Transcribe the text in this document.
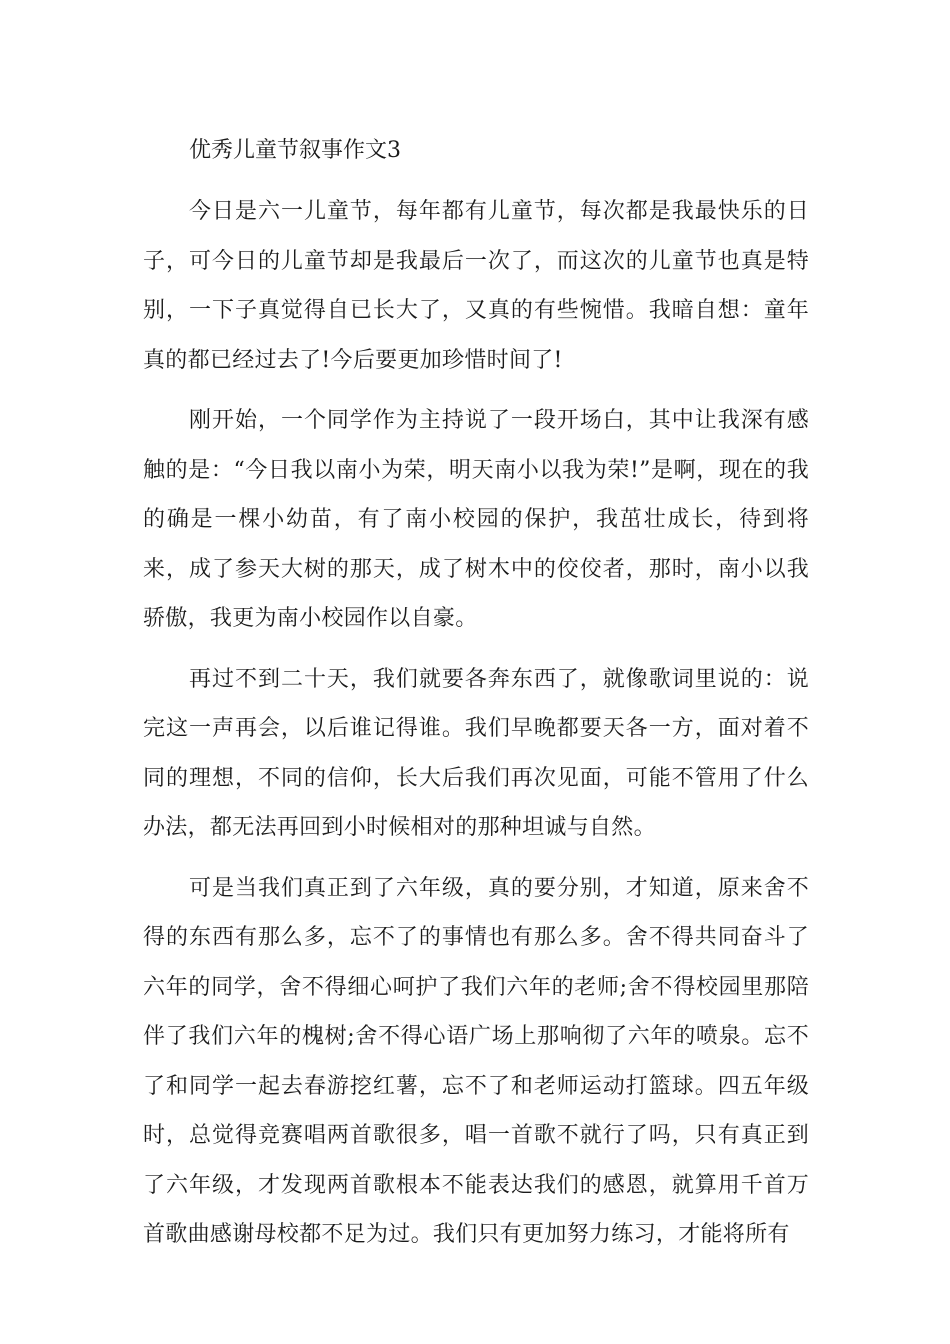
优秀儿童节叙事作文3

今日是六一儿童节，每年都有儿童节，每次都是我最快乐的日子，可今日的儿童节却是我最后一次了，而这次的儿童节也真是特别，一下子真觉得自已长大了，又真的有些惋惜。我暗自想：童年真的都已经过去了!今后要更加珍惜时间了!

刚开始，一个同学作为主持说了一段开场白，其中让我深有感触的是：“今日我以南小为荣，明天南小以我为荣!”是啊，现在的我的确是一棵小幼苗，有了南小校园的保护，我茁壮成长，待到将来，成了参天大树的那天，成了树木中的佼佼者，那时，南小以我骄傲，我更为南小校园作以自豪。

再过不到二十天，我们就要各奔东西了，就像歌词里说的：说完这一声再会，以后谁记得谁。我们早晚都要天各一方，面对着不同的理想，不同的信仰，长大后我们再次见面，可能不管用了什么办法，都无法再回到小时候相对的那种坦诚与自然。

可是当我们真正到了六年级，真的要分别，才知道，原来舍不得的东西有那么多，忘不了的事情也有那么多。舍不得共同奋斗了六年的同学，舍不得细心呵护了我们六年的老师;舍不得校园里那陪伴了我们六年的槐树;舍不得心语广场上那响彻了六年的喷泉。忘不了和同学一起去春游挖红薯，忘不了和老师运动打篮球。四五年级时，总觉得竞赛唱两首歌很多，唱一首歌不就行了吗，只有真正到了六年级，才发现两首歌根本不能表达我们的感恩，就算用千首万首歌曲感谢母校都不足为过。我们只有更加努力练习，才能将所有
